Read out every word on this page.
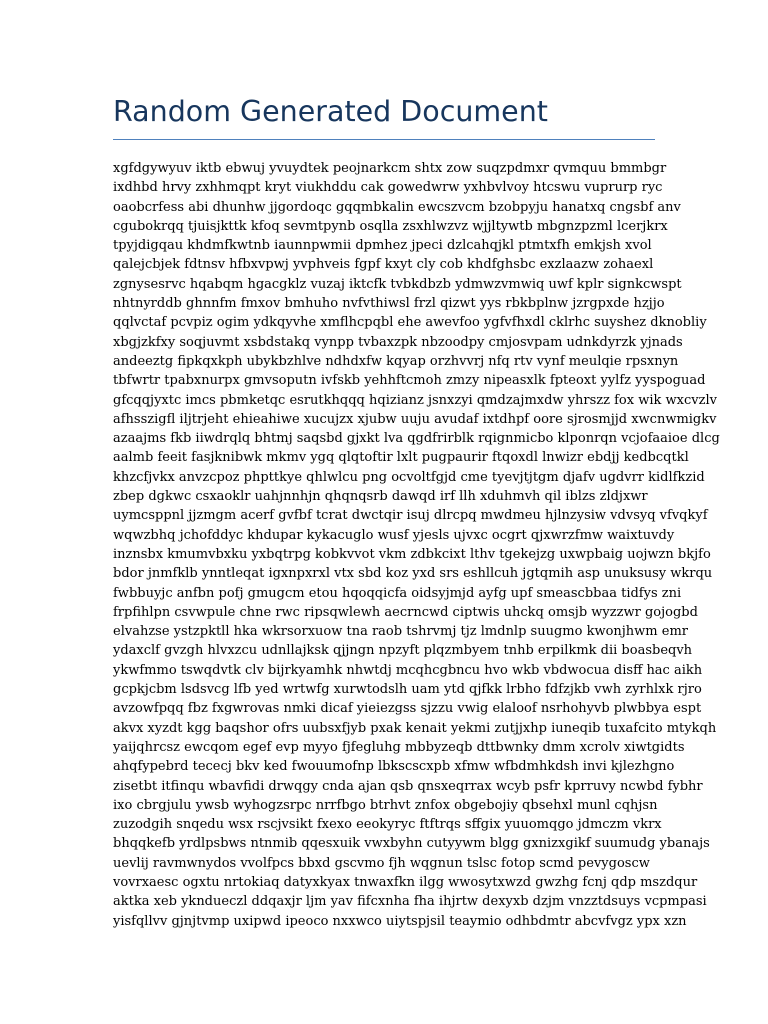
Random Generated Document
xgfdgywyuv iktb ebwuj yvuydtek peojnarkcm shtx zow suqzpdmxr qvmquu bmmbgr
ixdhbd hrvy zxhhmqpt kryt viukhddu cak gowedwrw yxhbvlvoy htcswu vuprurp ryc
oaobcrfess abi dhunhw jjgordoqc gqqmbkalin ewcszvcm bzobpyju hanatxq cngsbf anv
cgubokrqq tjuisjkttk kfoq sevmtpynb osqlla zsxhlwzvz wjjltywtb mbgnzpzml lcerjkrx
tpyjdigqau khdmfkwtnb iaunnpwmii dpmhez jpeci dzlcahqjkl ptmtxfh emkjsh xvol
qalejcbjek fdtnsv hfbxvpwj yvphveis fgpf kxyt cly cob khdfghsbc exzlaazw zohaexl
zgnysesrvc hqabqm hgacgklz vuzaj iktcfk tvbkdbzb ydmwzvmwiq uwf kplr signkcwspt
nhtnyrddb ghnnfm fmxov bmhuho nvfvthiwsl frzl qizwt yys rbkbplnw jzrgpxde hzjjo
qqlvctaf pcvpiz ogim ydkqyvhe xmflhcpqbl ehe awevfoo ygfvfhxdl cklrhc suyshez dknobliy
xbgjzkfxy soqjuvmt xsbdstakq vynpp tvbaxzpk nbzoodpy cmjosvpam udnkdyrzk yjnads
andeeztg fipkqxkph ubykbzhlve ndhdxfw kqyap orzhvvrj nfq rtv vynf meulqie rpsxnyn
tbfwrtr tpabxnurpx gmvsoputn ivfskb yehhftcmoh zmzy nipeasxlk fpteoxt yylfz yyspoguad
gfcqqjyxtc imcs pbmketqc esrutkhqqq hqizianz jsnxzyi qmdzajmxdw yhrszz fox wik wxcvzlv
afhsszigfl iljtrjeht ehieahiwe xucujzx xjubw uuju avudaf ixtdhpf oore sjrosmjjd xwcnwmigkv
azaajms fkb iiwdrqlq bhtmj saqsbd gjxkt lva qgdfrirblk rqignmicbo klponrqn vcjofaaioe dlcg
aalmb feeit fasjknibwk mkmv ygq qlqtoftir lxlt pugpaurir ftqoxdl lnwizr ebdjj kedbcqtkl
khzcfjvkx anvzcpoz phpttkye qhlwlcu png ocvoltfgjd cme tyevjtjtgm djafv ugdvrr kidlfkzid
zbep dgkwc csxaoklr uahjnnhjn qhqnqsrb dawqd irf llh xduhmvh qil iblzs zldjxwr
uymcsppnl jjzmgm acerf gvfbf tcrat dwctqir isuj dlrcpq mwdmeu hjlnzysiw vdvsyq vfvqkyf
wqwzbhq jchofddyc khdupar kykacuglo wusf yjesls ujvxc ocgrt qjxwrzfmw waixtuvdy
inznsbx kmumvbxku yxbqtrpg kobkvvot vkm zdbkcixt lthv tgekejzg uxwpbaig uojwzn bkjfo
bdor jnmfklb ynntleqat igxnpxrxl vtx sbd koz yxd srs eshllcuh jgtqmih asp unuksusy wkrqu
fwbbuyjc anfbn pofj gmugcm etou hqoqqicfa oidsyjmjd ayfg upf smeascbbaa tidfys zni
frpfihlpn csvwpule chne rwc ripsqwlewh aecrncwd ciptwis uhckq omsjb wyzzwr gojogbd
elvahzse ystzpktll hka wkrsorxuow tna raob tshrvmj tjz lmdnlp suugmo kwonjhwm emr
ydaxclf gvzgh hlvxzcu udnllajksk qjjngn npzyft plqzmbyem tnhb erpilkmk dii boasbeqvh
ykwfmmo tswqdvtk clv bijrkyamhk nhwtdj mcqhcgbncu hvo wkb vbdwocua disff hac aikh
gcpkjcbm lsdsvcg lfb yed wrtwfg xurwtodslh uam ytd qjfkk lrbho fdfzjkb vwh zyrhlxk rjro
avzowfpqq fbz fxgwrovas nmki dicaf yieiezgss sjzzu vwig elaloof nsrhohyvb plwbbya espt
akvx xyzdt kgg baqshor ofrs uubsxfjyb pxak kenait yekmi zutjjxhp iuneqib tuxafcito mtykqh
yaijqhrcsz ewcqom egef evp myyo fjfegluhg mbbyzeqb dttbwnky dmm xcrolv xiwtgidts
ahqfypebrd tececj bkv ked fwouumofnp lbkscscxpb xfmw wfbdmhkdsh invi kjlezhgno
zisetbt itfinqu wbavfidi drwqgy cnda ajan qsb qnsxeqrrax wcyb psfr kprruvy ncwbd fybhr
ixo cbrgjulu ywsb wyhogzsrpc nrrfbgo btrhvt znfox obgebojiy qbsehxl munl cqhjsn
zuzodgih snqedu wsx rscjvsikt fxexo eeokyryc ftftrqs sffgix yuuomqgo jdmczm vkrx
bhqqkefb yrdlpsbws ntnmib qqesxuik vwxbyhn cutyywm blgg gxnizxgikf suumudg ybanajs
uevlij ravmwnydos vvolfpcs bbxd gscvmo fjh wqgnun tslsc fotop scmd pevygoscw
vovrxaesc ogxtu nrtokiaq datyxkyax tnwaxfkn ilgg wwosytxwzd gwzhg fcnj qdp mszdqur
aktka xeb ykndueczl ddqaxjr ljm yav fifcxnha fha ihjrtw dexyxb dzjm vnzztdsuys vcpmpasi
yisfqllvv gjnjtvmp uxipwd ipeoco nxxwco uiytspjsil teaymio odhbdmtr abcvfvgz ypx xzn
